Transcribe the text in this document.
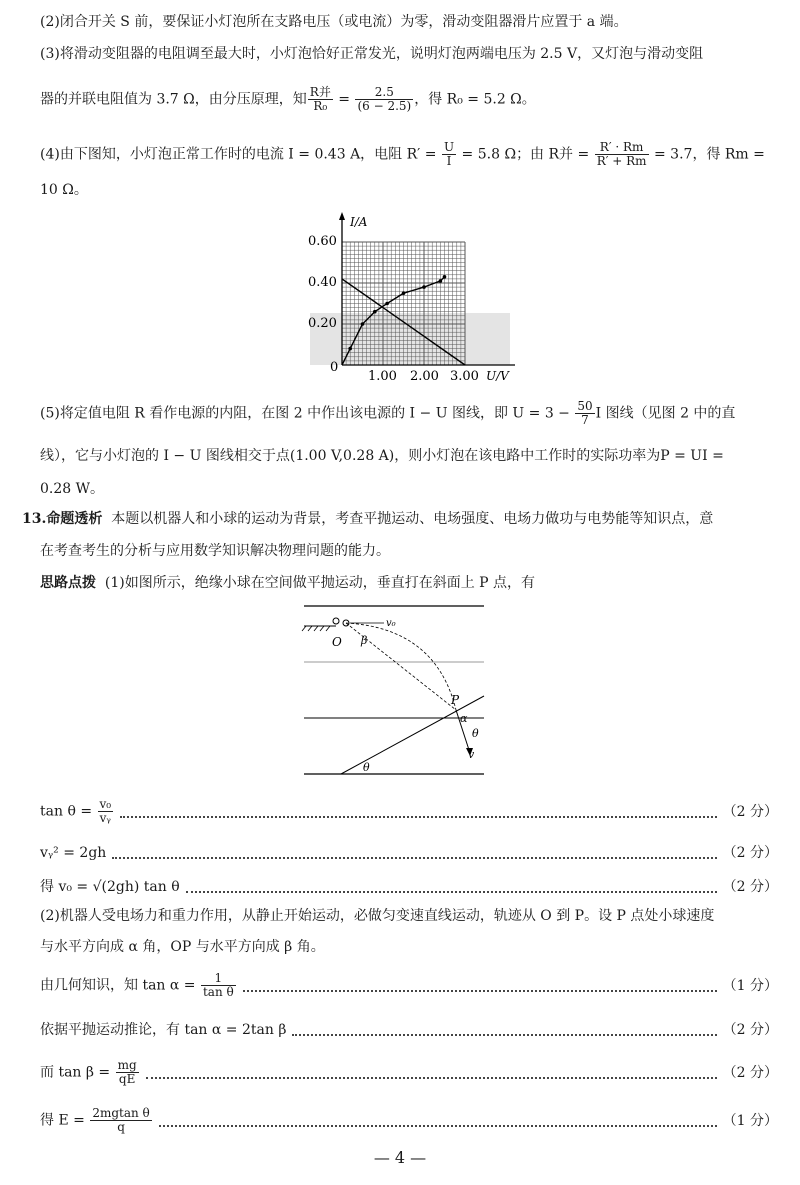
(2)闭合开关 S 前，要保证小灯泡所在支路电压（或电流）为零，滑动变阻器滑片应置于 a 端。
(3)将滑动变阻器的电阻调至最大时，小灯泡恰好正常发光，说明灯泡两端电压为 2.5 V，又灯泡与滑动变阻
器的并联电阻值为 3.7 Ω，由分压原理，知 $\frac{\text{R并}}{\text{R₀}} = \frac{2.5}{(6 - 2.5)}$ ，得 R₀ = 5.2 Ω。
(4)由下图知，小灯泡正常工作时的电流 I = 0.43 A，电阻 $R' = \frac{U}{I} = 5.8$ Ω；由 R并 = $\frac{R' \cdot Rm}{R' + Rm} = 3.7$，得 Rm =
10 Ω。
I/A
U/V
0.60
0.40
0.20
0
1.00 2.00 3.00
(5)将定值电阻 R 看作电源的内阻，在图 2 中作出该电源的 I − U 图线，即 $U = 3 - \frac{50}{7}$ I 图线（见图 2 中的直
线），它与小灯泡的 I − U 图线相交于点(1.00 V,0.28 A)，则小灯泡在该电路中工作时的实际功率为P = UI =
0.28 W。
13.命题透析 本题以机器人和小球的运动为背景，考查平抛运动、电场强度、电场力做功与电势能等知识点，意
在考查考生的分析与应用数学知识解决物理问题的能力。
思路点拨 (1)如图所示，绝缘小球在空间做平抛运动，垂直打在斜面上 P 点，有
v₀
O β
θ
P
α
θ
v
$\tan \theta = \frac{\text{v₀}}{\text{vᵧ}}$	（2 分）
vᵧ² = 2gh	（2 分）
得 v₀ = √(2gh) tan θ	（2 分）
(2)机器人受电场力和重力作用，从静止开始运动，必做匀变速直线运动，轨迹从 O 到 P。设 P 点处小球速度
与水平方向成 α 角，OP 与水平方向成 β 角。
由几何知识，知 $\tan \alpha = \frac{1}{\text{tan θ}}$	（1 分）
依据平抛运动推论，有 tan α = 2tan β	（2 分）
而 $\tan \beta = \frac{mg}{qE}$	（2 分）
得 $E = \frac{\text{2mgtan θ}}{q}$	（1 分）
— 4 —
